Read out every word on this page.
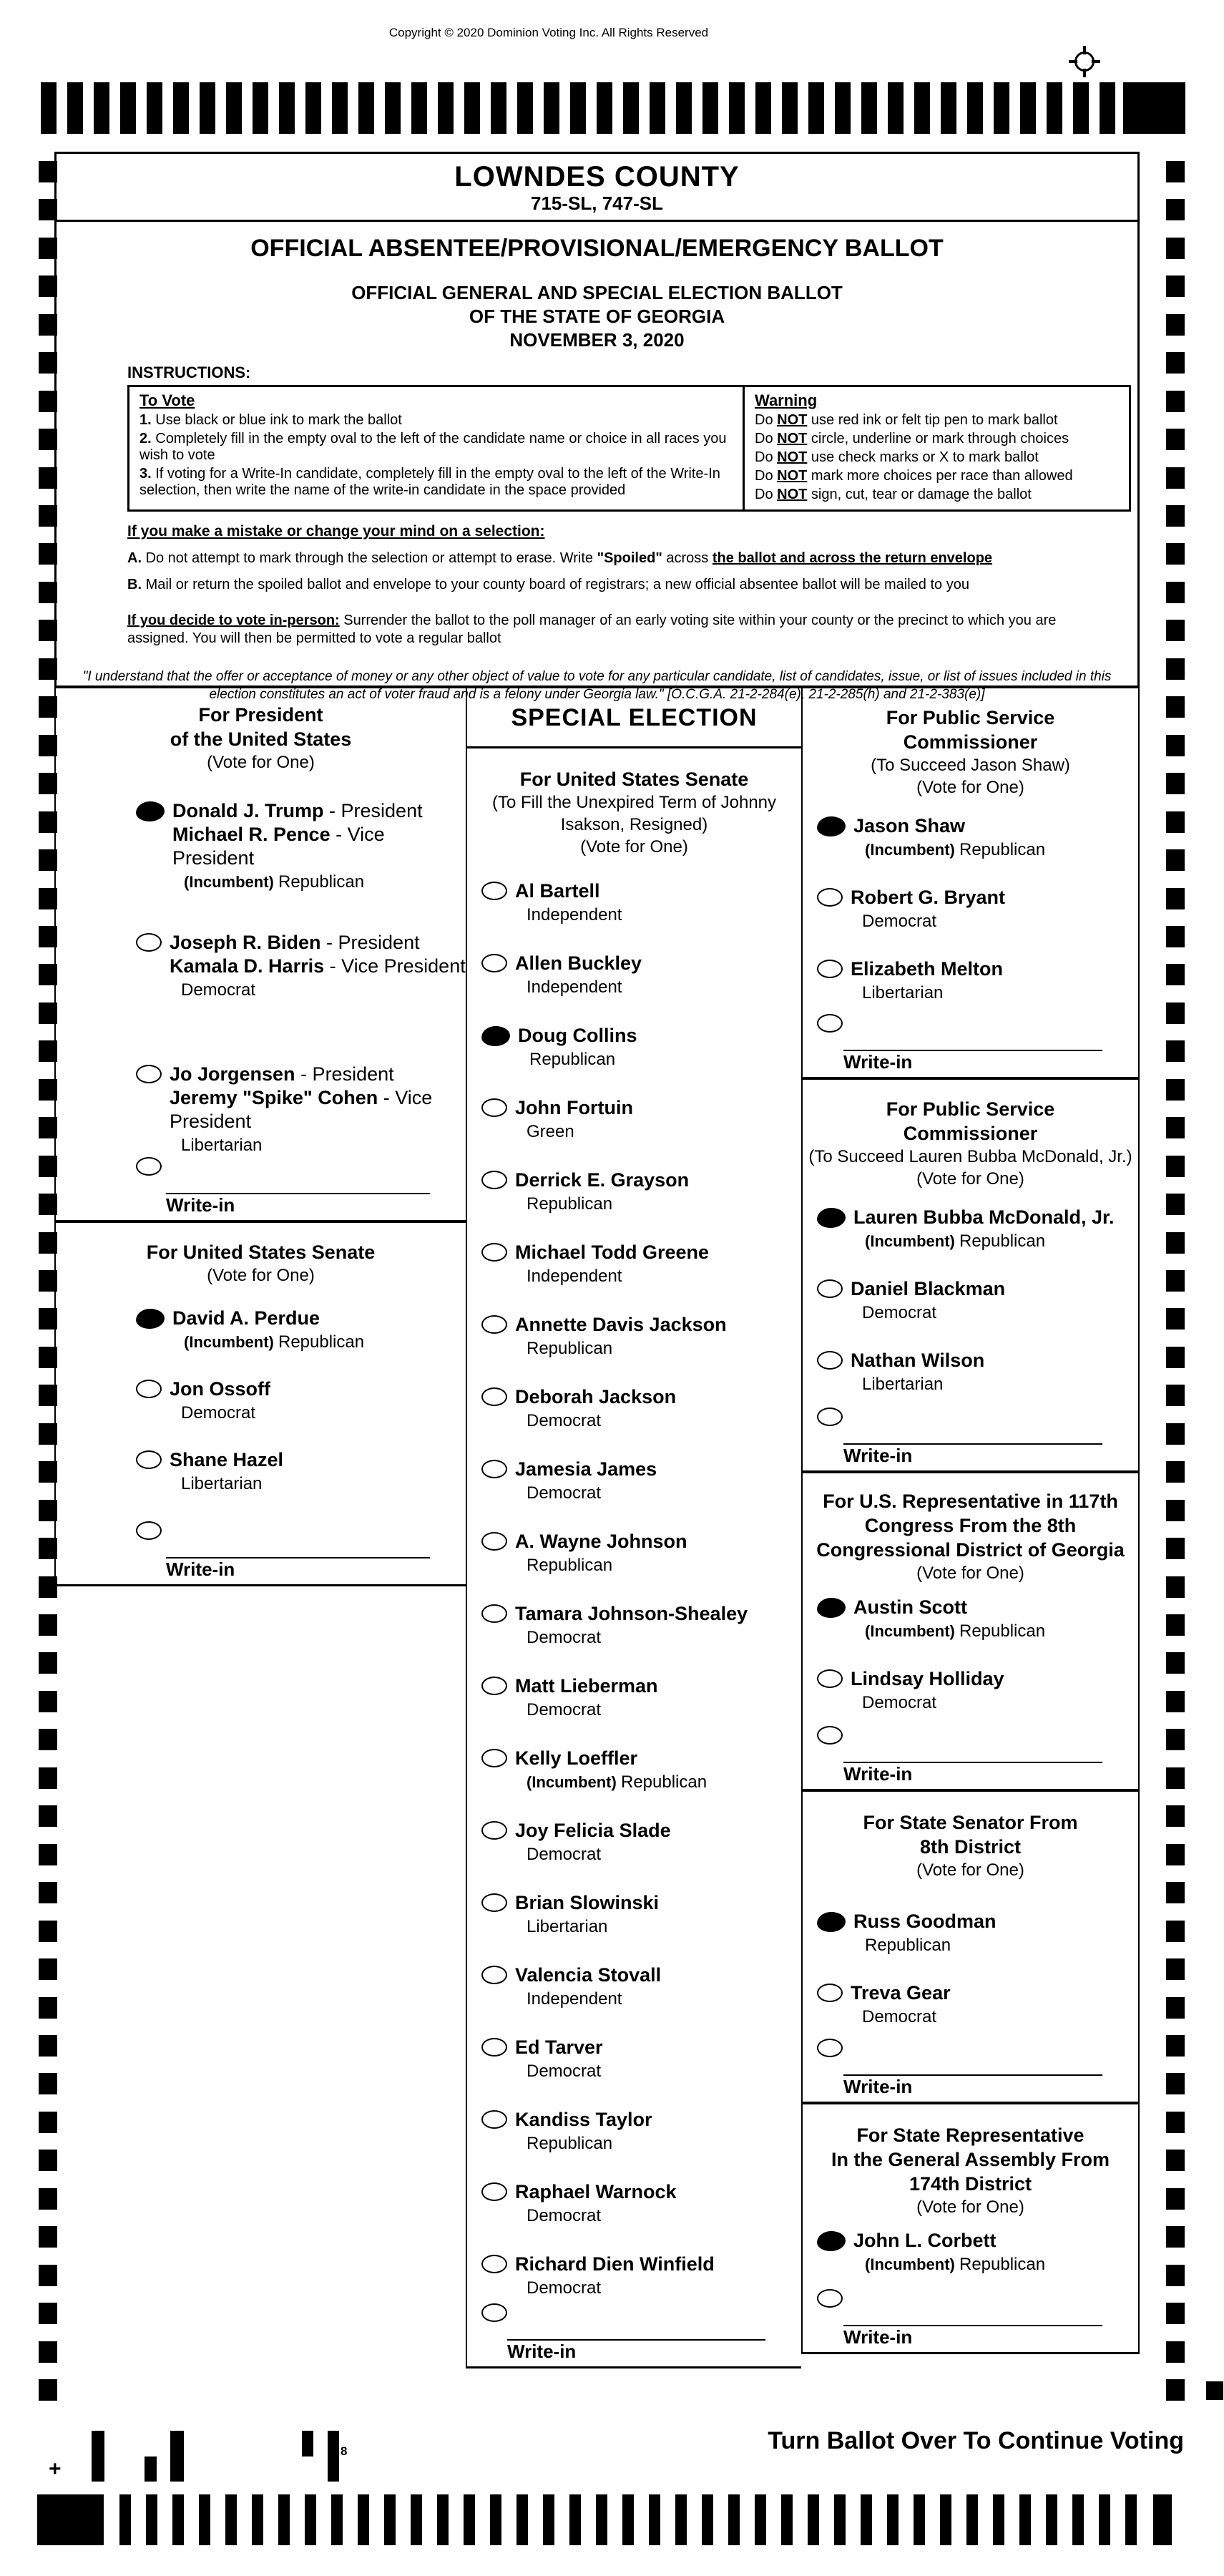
Copyright © 2020 Dominion Voting Inc. All Rights Reserved
LOWNDES COUNTY
715-SL, 747-SL
OFFICIAL ABSENTEE/PROVISIONAL/EMERGENCY BALLOT
OFFICIAL GENERAL AND SPECIAL ELECTION BALLOT
OF THE STATE OF GEORGIA
NOVEMBER 3, 2020
INSTRUCTIONS:
To Vote
1. Use black or blue ink to mark the ballot
2. Completely fill in the empty oval to the left of the candidate name or choice in all races you wish to vote
3. If voting for a Write-In candidate, completely fill in the empty oval to the left of the Write-In selection, then write the name of the write-in candidate in the space provided
Warning
Do NOT use red ink or felt tip pen to mark ballot
Do NOT circle, underline or mark through choices
Do NOT use check marks or X to mark ballot
Do NOT mark more choices per race than allowed
Do NOT sign, cut, tear or damage the ballot
If you make a mistake or change your mind on a selection:
A. Do not attempt to mark through the selection or attempt to erase. Write "Spoiled" across the ballot and across the return envelope
B. Mail or return the spoiled ballot and envelope to your county board of registrars; a new official absentee ballot will be mailed to you
If you decide to vote in-person: Surrender the ballot to the poll manager of an early voting site within your county or the precinct to which you are assigned. You will then be permitted to vote a regular ballot
"I understand that the offer or acceptance of money or any other object of value to vote for any particular candidate, list of candidates, issue, or list of issues included in this election constitutes an act of voter fraud and is a felony under Georgia law." [O.C.G.A. 21-2-284(e), 21-2-285(h) and 21-2-383(e)]
For President
of the United States
(Vote for One)
Donald J. Trump - President
Michael R. Pence - Vice President
(Incumbent) Republican
Joseph R. Biden - President
Kamala D. Harris - Vice President
Democrat
Jo Jorgensen - President
Jeremy "Spike" Cohen - Vice President
Libertarian
Write-in
For United States Senate
(Vote for One)
David A. Perdue
(Incumbent) Republican
Jon Ossoff
Democrat
Shane Hazel
Libertarian
Write-in
SPECIAL ELECTION
For United States Senate
(To Fill the Unexpired Term of Johnny
Isakson, Resigned)
(Vote for One)
Al Bartell
Independent
Allen Buckley
Independent
Doug Collins
Republican
John Fortuin
Green
Derrick E. Grayson
Republican
Michael Todd Greene
Independent
Annette Davis Jackson
Republican
Deborah Jackson
Democrat
Jamesia James
Democrat
A. Wayne Johnson
Republican
Tamara Johnson-Shealey
Democrat
Matt Lieberman
Democrat
Kelly Loeffler
(Incumbent) Republican
Joy Felicia Slade
Democrat
Brian Slowinski
Libertarian
Valencia Stovall
Independent
Ed Tarver
Democrat
Kandiss Taylor
Republican
Raphael Warnock
Democrat
Richard Dien Winfield
Democrat
Write-in
For Public Service
Commissioner
(To Succeed Jason Shaw)
(Vote for One)
Jason Shaw
(Incumbent) Republican
Robert G. Bryant
Democrat
Elizabeth Melton
Libertarian
Write-in
For Public Service
Commissioner
(To Succeed Lauren Bubba McDonald, Jr.)
(Vote for One)
Lauren Bubba McDonald, Jr.
(Incumbent) Republican
Daniel Blackman
Democrat
Nathan Wilson
Libertarian
Write-in
For U.S. Representative in 117th
Congress From the 8th
Congressional District of Georgia
(Vote for One)
Austin Scott
(Incumbent) Republican
Lindsay Holliday
Democrat
Write-in
For State Senator From
8th District
(Vote for One)
Russ Goodman
Republican
Treva Gear
Democrat
Write-in
For State Representative
In the General Assembly From
174th District
(Vote for One)
John L. Corbett
(Incumbent) Republican
Write-in
Turn Ballot Over To Continue Voting
8
+
